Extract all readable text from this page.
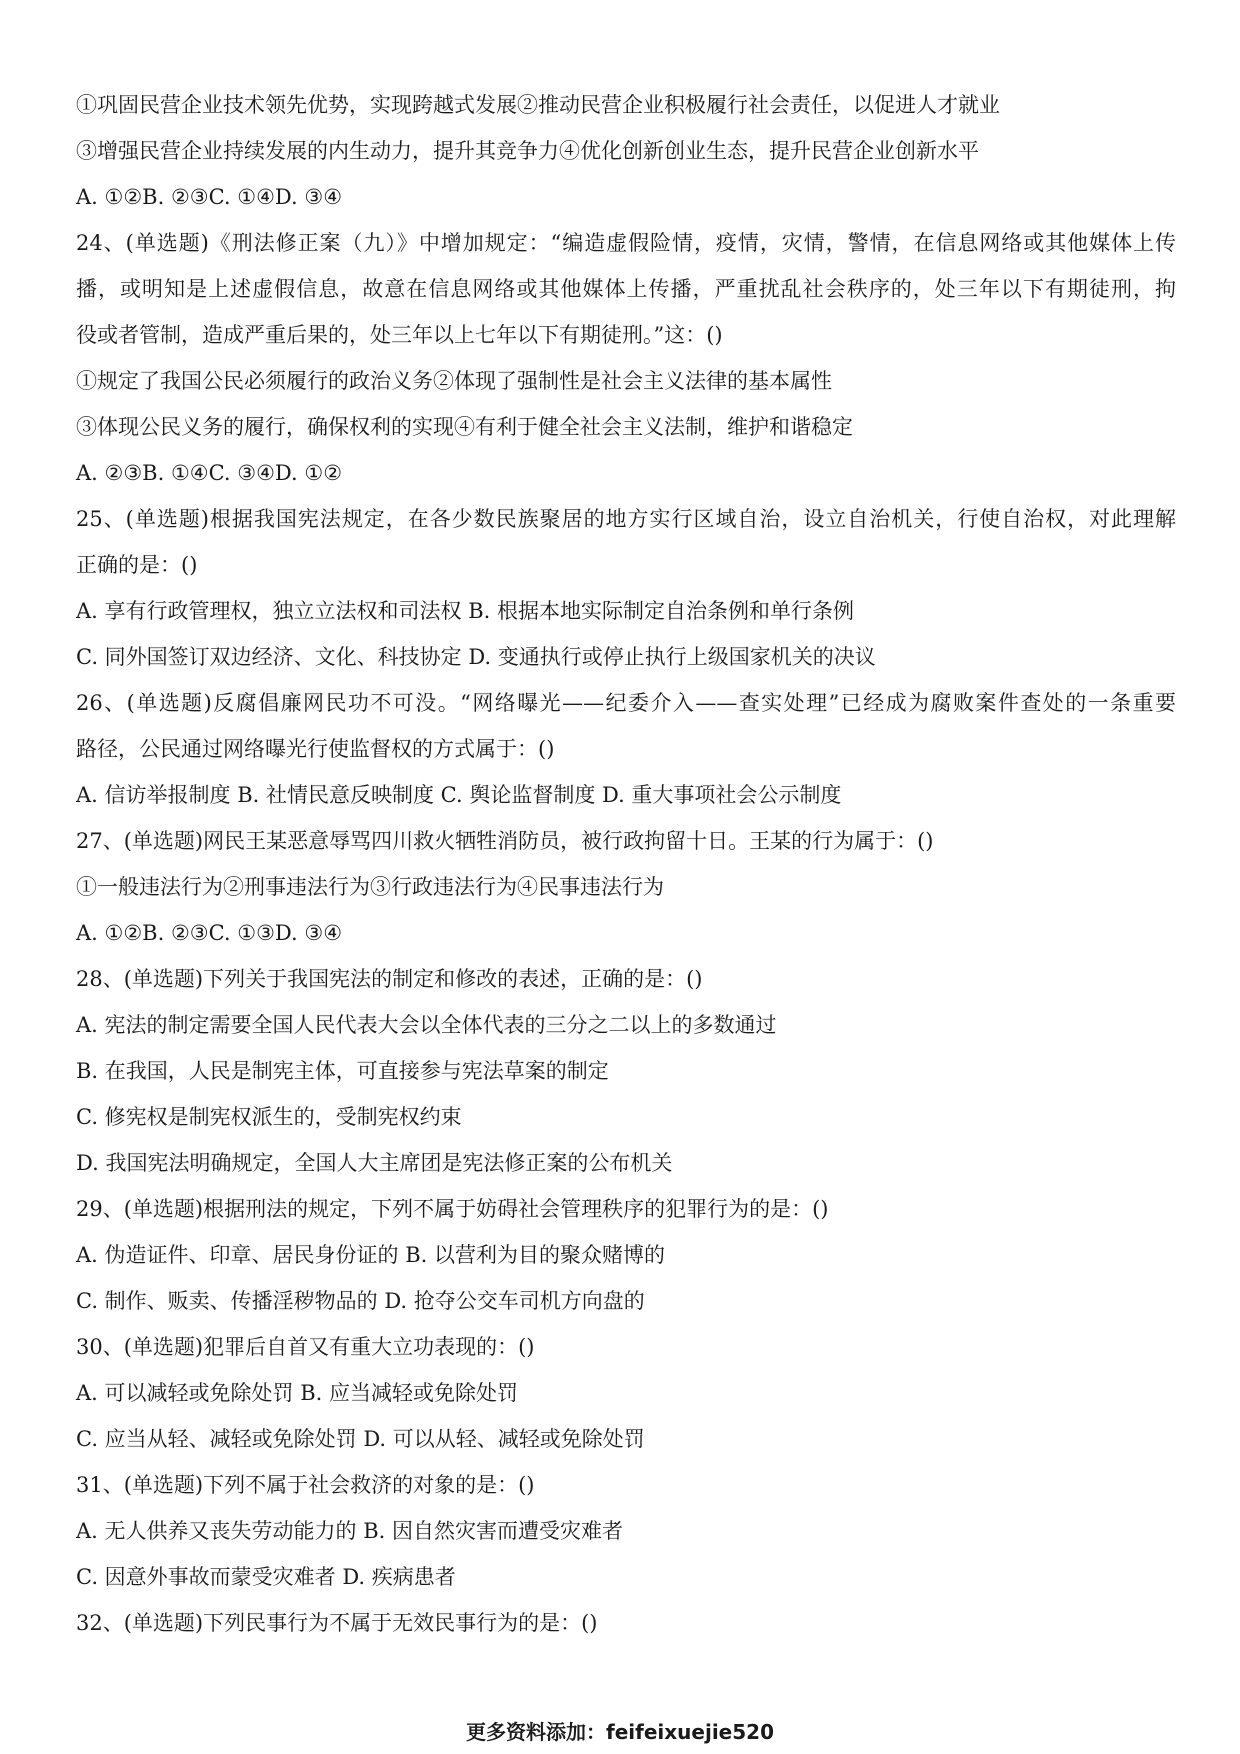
①巩固民营企业技术领先优势，实现跨越式发展②推动民营企业积极履行社会责任，以促进人才就业
③增强民营企业持续发展的内生动力，提升其竞争力④优化创新创业生态，提升民营企业创新水平
A. ①②B. ②③C. ①④D. ③④
24、(单选题)《刑法修正案（九）》中增加规定：“编造虚假险情，疫情，灾情，警情，在信息网络或其他媒体上传
播，或明知是上述虚假信息，故意在信息网络或其他媒体上传播，严重扰乱社会秩序的，处三年以下有期徒刑，拘
役或者管制，造成严重后果的，处三年以上七年以下有期徒刑。”这：()
①规定了我国公民必须履行的政治义务②体现了强制性是社会主义法律的基本属性
③体现公民义务的履行，确保权利的实现④有利于健全社会主义法制，维护和谐稳定
A. ②③B. ①④C. ③④D. ①②
25、(单选题)根据我国宪法规定，在各少数民族聚居的地方实行区域自治，设立自治机关，行使自治权，对此理解
正确的是：()
A. 享有行政管理权，独立立法权和司法权 B. 根据本地实际制定自治条例和单行条例
C. 同外国签订双边经济、文化、科技协定 D. 变通执行或停止执行上级国家机关的决议
26、(单选题)反腐倡廉网民功不可没。“网络曝光——纪委介入——查实处理”已经成为腐败案件查处的一条重要
路径，公民通过网络曝光行使监督权的方式属于：()
A. 信访举报制度 B. 社情民意反映制度 C. 舆论监督制度 D. 重大事项社会公示制度
27、(单选题)网民王某恶意辱骂四川救火牺牲消防员，被行政拘留十日。王某的行为属于：()
①一般违法行为②刑事违法行为③行政违法行为④民事违法行为
A. ①②B. ②③C. ①③D. ③④
28、(单选题)下列关于我国宪法的制定和修改的表述，正确的是：()
A. 宪法的制定需要全国人民代表大会以全体代表的三分之二以上的多数通过
B. 在我国，人民是制宪主体，可直接参与宪法草案的制定
C. 修宪权是制宪权派生的，受制宪权约束
D. 我国宪法明确规定，全国人大主席团是宪法修正案的公布机关
29、(单选题)根据刑法的规定，下列不属于妨碍社会管理秩序的犯罪行为的是：()
A. 伪造证件、印章、居民身份证的 B. 以营利为目的聚众赌博的
C. 制作、贩卖、传播淫秽物品的 D. 抢夺公交车司机方向盘的
30、(单选题)犯罪后自首又有重大立功表现的：()
A. 可以减轻或免除处罚 B. 应当减轻或免除处罚
C. 应当从轻、减轻或免除处罚 D. 可以从轻、减轻或免除处罚
31、(单选题)下列不属于社会救济的对象的是：()
A. 无人供养又丧失劳动能力的 B. 因自然灾害而遭受灾难者
C. 因意外事故而蒙受灾难者 D. 疾病患者
32、(单选题)下列民事行为不属于无效民事行为的是：()
更多资料添加：feifeixuejie520
